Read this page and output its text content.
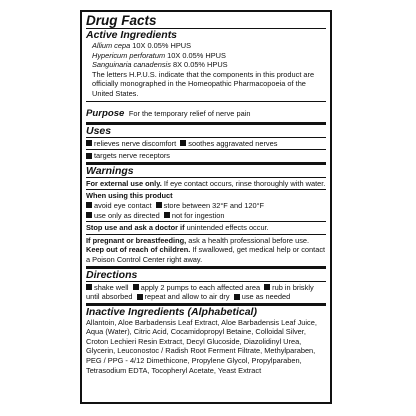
Drug Facts
Active Ingredients
Allium cepa 10X 0.05% HPUS
Hypericum perforatum 10X 0.05% HPUS
Sanguinaria canadensis 8X 0.05% HPUS
The letters H.P.U.S. indicate that the components in this product are officially monographed in the Homeopathic Pharmacopoeia of the United States.
Purpose For the temporary relief of nerve pain
Uses
relieves nerve discomfort soothes aggravated nerves
targets nerve receptors
Warnings
For external use only. If eye contact occurs, rinse thoroughly with water.
When using this product
avoid eye contact store between 32°F and 120°F
use only as directed not for ingestion
Stop use and ask a doctor if unintended effects occur.
If pregnant or breastfeeding, ask a health professional before use.
Keep out of reach of children. If swallowed, get medical help or contact a Poison Control Center right away.
Directions
shake well apply 2 pumps to each affected area rub in briskly until absorbed repeat and allow to air dry use as needed
Inactive Ingredients (Alphabetical)
Allantoin, Aloe Barbadensis Leaf Extract, Aloe Barbadensis Leaf Juice, Aqua (Water), Citric Acid, Cocamidopropyl Betaine, Colloidal Silver, Croton Lechieri Resin Extract, Decyl Glucoside, Diazolidinyl Urea, Glycerin, Leuconostoc / Radish Root Ferment Filtrate, Methylparaben, PEG / PPG - 4/12 Dimethicone, Propylene Glycol, Propylparaben, Tetrasodium EDTA, Tocopheryl Acetate, Yeast Extract
